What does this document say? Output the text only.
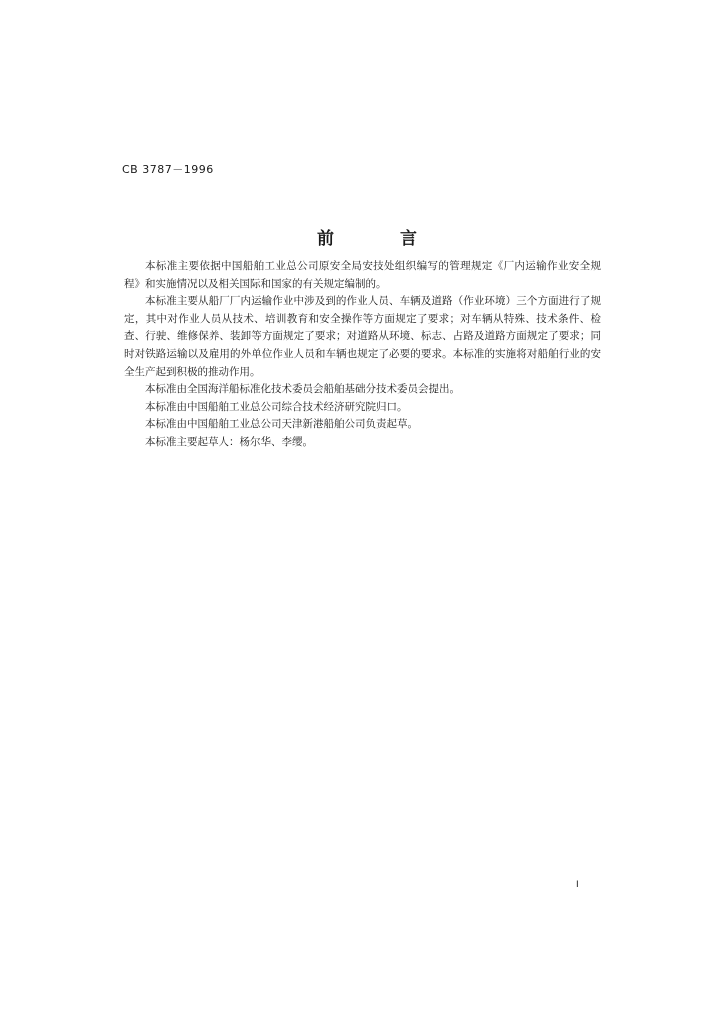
CB 3787－1996
前	言

本标准主要依据中国船舶工业总公司原安全局安技处组织编写的管理规定《厂内运输作业安全规程》和实施情况以及相关国际和国家的有关规定编制的。

本标准主要从船厂厂内运输作业中涉及到的作业人员、车辆及道路（作业环境）三个方面进行了规定，其中对作业人员从技术、培训教育和安全操作等方面规定了要求；对车辆从特殊、技术条件、检查、行驶、维修保养、装卸等方面规定了要求；对道路从环境、标志、占路及道路方面规定了要求；同时对铁路运输以及雇用的外单位作业人员和车辆也规定了必要的要求。本标准的实施将对船舶行业的安全生产起到积极的推动作用。

本标准由全国海洋船标准化技术委员会船舶基础分技术委员会提出。

本标准由中国船舶工业总公司综合技术经济研究院归口。

本标准由中国船舶工业总公司天津新港船舶公司负责起草。

本标准主要起草人：杨尔华、李缨。

I
